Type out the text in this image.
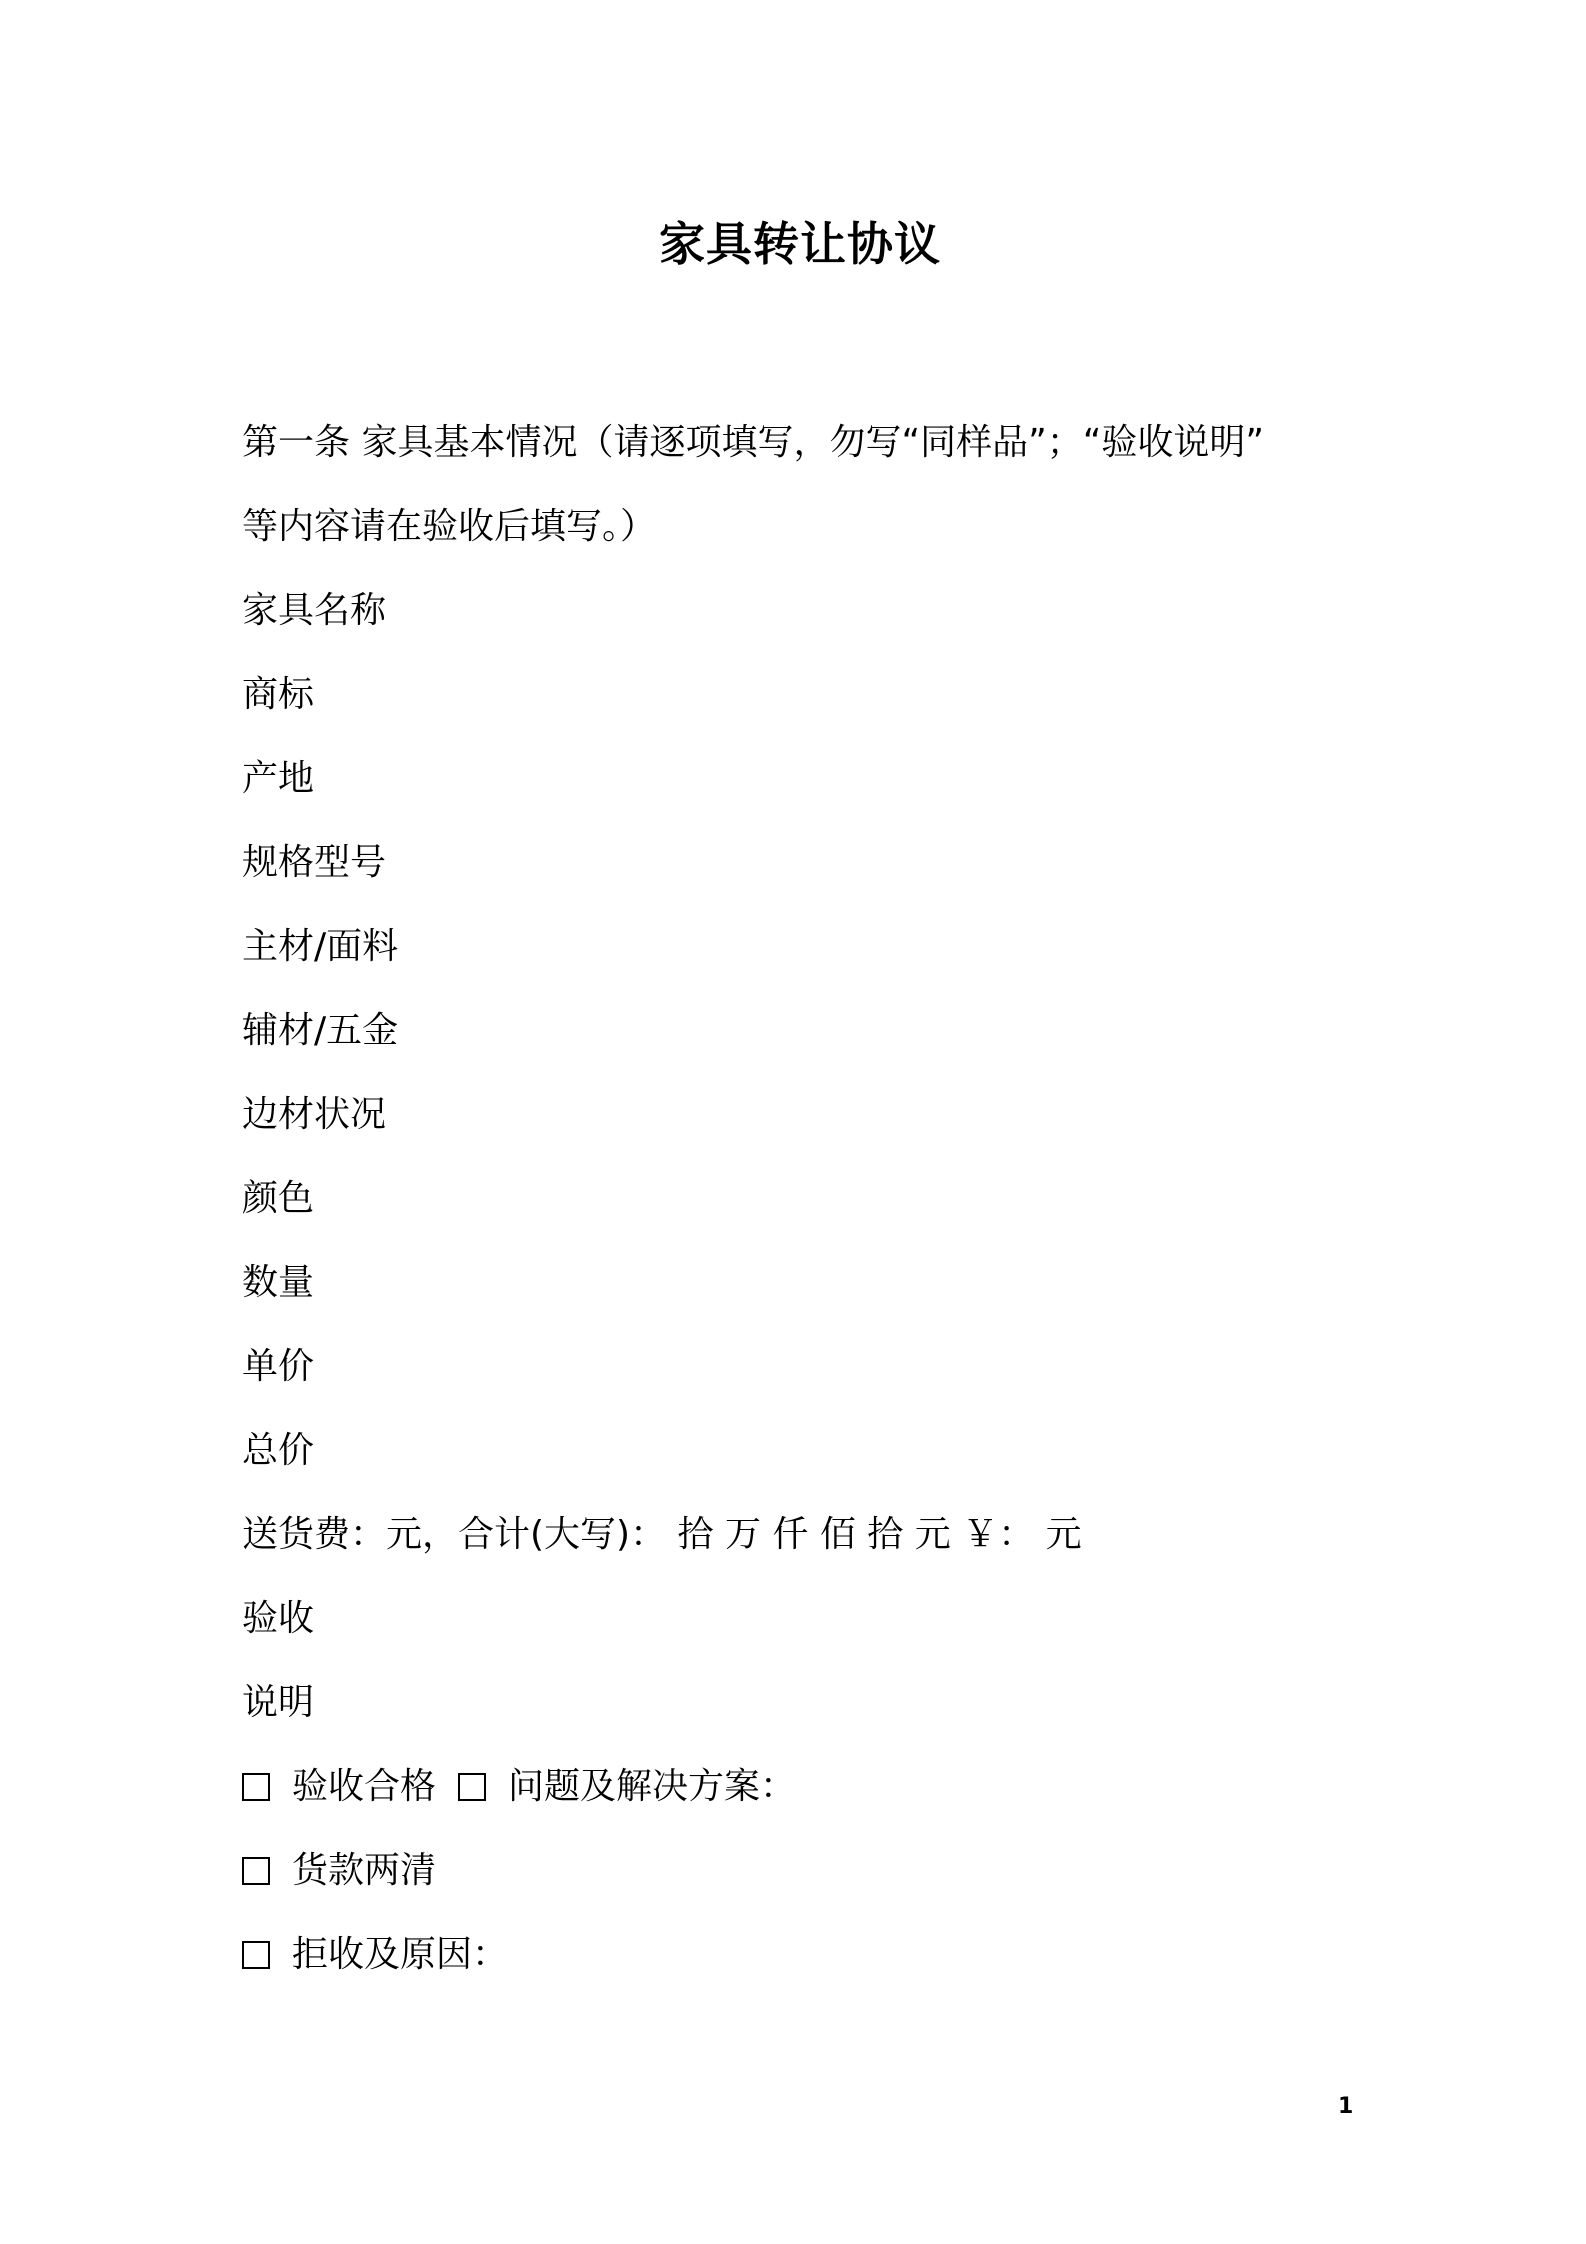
家具转让协议
第一条 家具基本情况（请逐项填写，勿写“同样品”；“验收说明”
等内容请在验收后填写。）
家具名称
商标
产地
规格型号
主材/面料
辅材/五金
边材状况
颜色
数量
单价
总价
送货费：元，合计(大写)： 拾 万 仟 佰 拾 元 ￥： 元
验收
说明
验收合格 问题及解决方案：
货款两清
拒收及原因：
1
